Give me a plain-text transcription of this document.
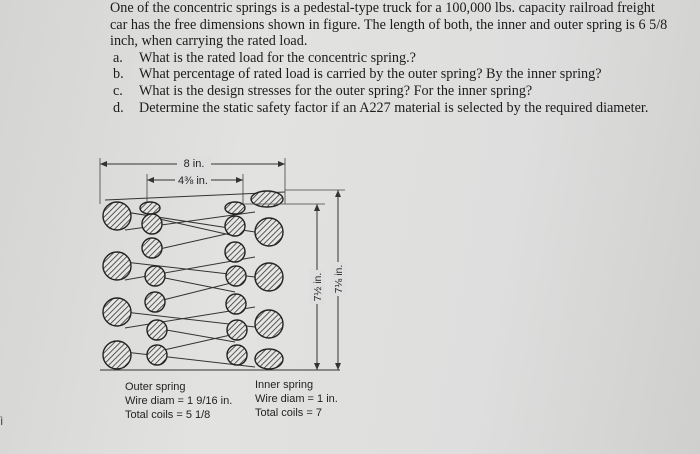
One of the concentric springs is a pedestal-type truck for a 100,000 lbs. capacity railroad freight car has the free dimensions shown in figure. The length of both, the inner and outer spring is 6 5/8 inch, when carrying the rated load.

a.	What is the rated load for the concentric spring.?
b.	What percentage of rated load is carried by the outer spring? By the inner spring?
c.	What is the design stresses for the outer spring? For the inner spring?
d.	Determine the static safety factor if an A227 material is selected by the required diameter.
8 in.
4⅜ in.
7½ in. 7⅛ in.
Outer spring
Wire diam = 1 9/16 in.
Total coils = 5 1/8
Inner spring
Wire diam = 1 in.
Total coils = 7
ì
